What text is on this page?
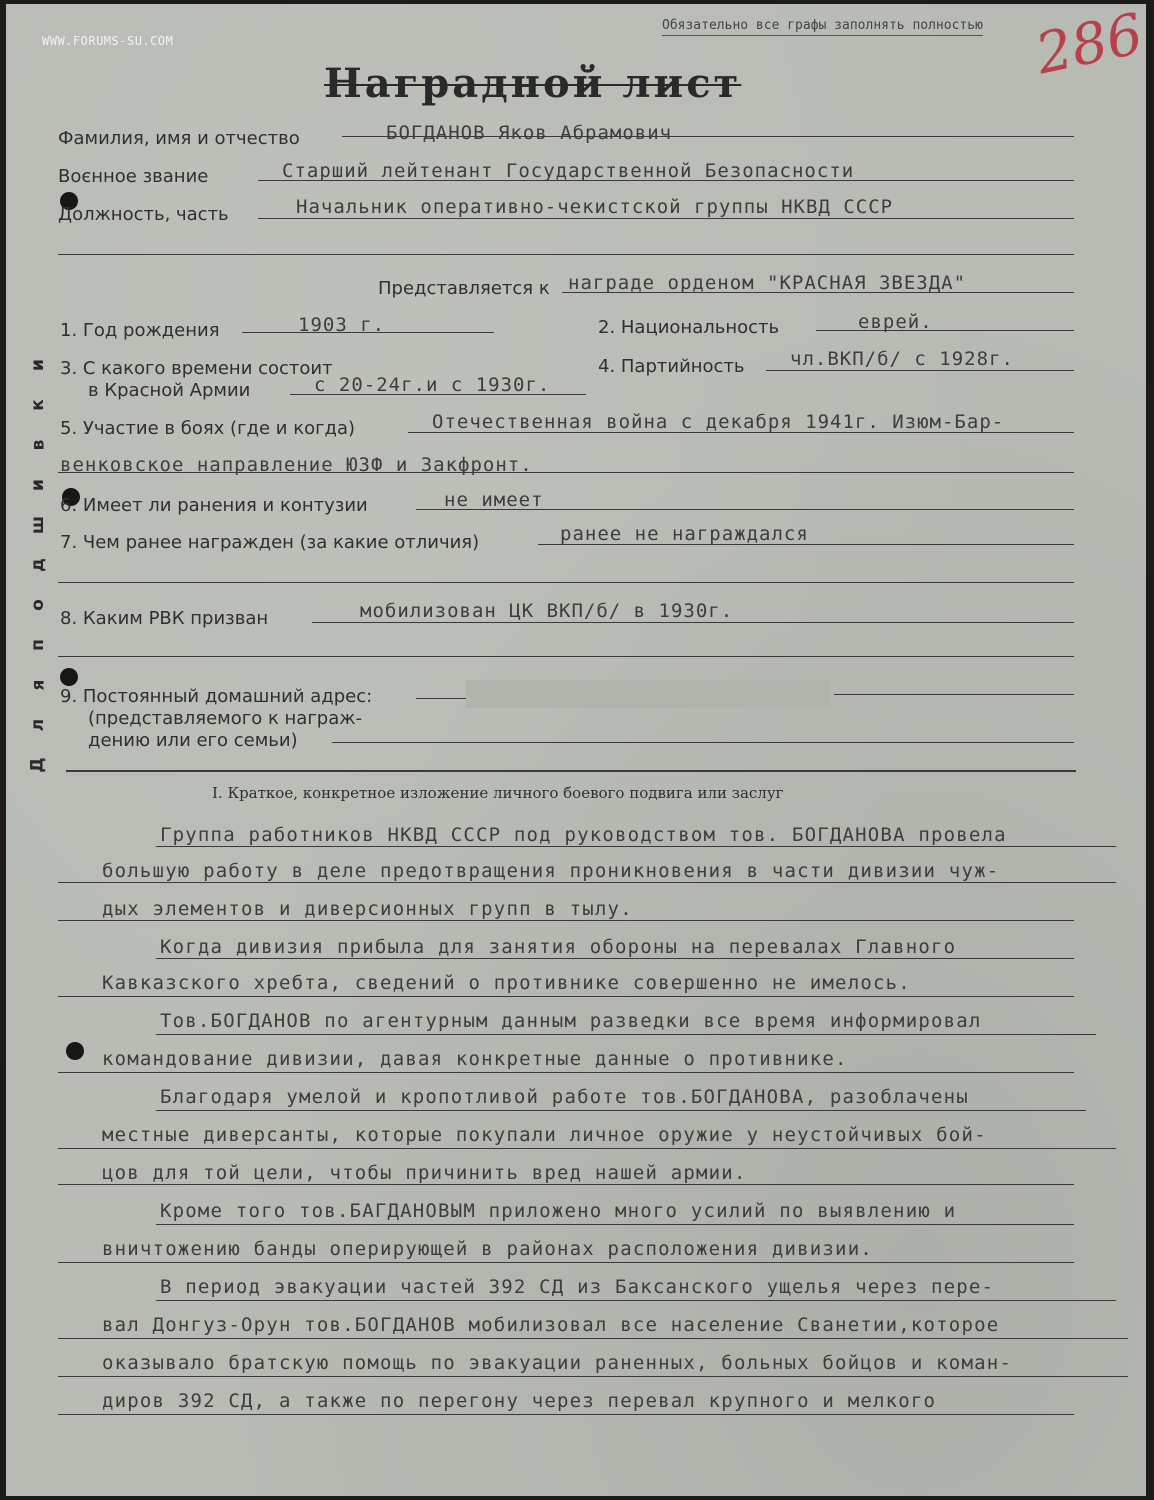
WWW.FORUMS-SU.COM
Обязательно все графы заполнять полностью 286
Наградной лист
и
к
в
и
ш
д
о
п
я
л
Д
Фамилия, имя и отчество	БОГДАНОВ Яков Абрамович
Воєнное звание	Старший лейтенант Государственной Безопасности
Должность, часть	Начальник оперативно-чекистской группы НКВД СССР
Представляется к награде орденом "КРАСНАЯ ЗВЕЗДА"
1. Год рождения	1903 г.	2. Национальность	еврей.
3. С какого времени состоит
в Красной Армии	с 20-24г.и с 1930г.
4. Партийность чл.ВКП/б/ с 1928г.
5. Участие в боях (где и когда)	Отечественная война с декабря 1941г. Изюм-Бар-
венковское направление ЮЗФ и Закфронт.
6. Имеет ли ранения и контузии	не имеет
7. Чем ранее награжден (за какие отличия)	ранее не награждался
8. Каким РВК призван	мобилизован ЦК ВКП/б/ в 1930г.
9. Постоянный домашний адрес:
(представляемого к награж-
дению или его семьи)
I. Краткое, конкретное изложение личного боевого подвига или заслуг
Группа работников НКВД СССР под руководством тов. БОГДАНОВА провела
большую работу в деле предотвращения проникновения в части дивизии чуж-
дых элементов и диверсионных групп в тылу.
Когда дивизия прибыла для занятия обороны на перевалах Главного
Кавказского хребта, сведений о противнике совершенно не имелось.
Тов.БОГДАНОВ по агентурным данным разведки все время информировал
командование дивизии, давая конкретные данные о противнике.
Благодаря умелой и кропотливой работе тов.БОГДАНОВА, разоблачены
местные диверсанты, которые покупали личное оружие у неустойчивых бой-
цов для той цели, чтобы причинить вред нашей армии.
Кроме того тов.БАГДАНОВЫМ приложено много усилий по выявлению и
вничтожению банды оперирующей в районах расположения дивизии.
В период эвакуации частей 392 СД из Баксанского ущелья через пере-
вал Донгуз-Орун тов.БОГДАНОВ мобилизовал все население Сванетии,которое
оказывало братскую помощь по эвакуации раненных, больных бойцов и коман-
диров 392 СД, а также по перегону через перевал крупного и мелкого
